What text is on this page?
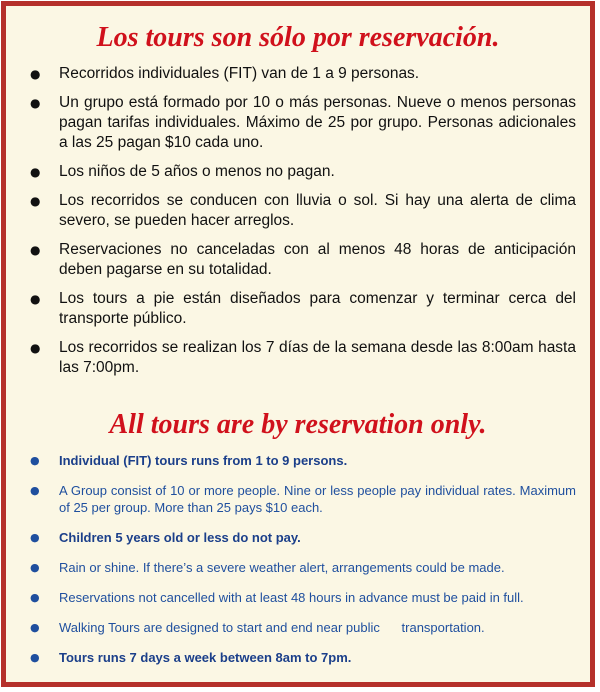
Los tours son sólo por reservación.
● Recorridos individuales (FIT) van de 1 a 9 personas.
● Un grupo está formado por 10 o más personas. Nueve o menos personas pagan tarifas individuales. Máximo de 25 por grupo. Personas adicionales a las 25 pagan $10 cada uno.
● Los niños de 5 años o menos no pagan.
● Los recorridos se conducen con lluvia o sol. Si hay una alerta de clima severo, se pueden hacer arreglos.
● Reservaciones no canceladas con al menos 48 horas de anticipación deben pagarse en su totalidad.
● Los tours a pie están diseñados para comenzar y terminar cerca del transporte público.
● Los recorridos se realizan los 7 días de la semana desde las 8:00am hasta las 7:00pm.
All tours are by reservation only.
● Individual (FIT) tours runs from 1 to 9 persons.
● A Group consist of 10 or more people. Nine or less people pay individual rates. Maximum of 25 per group. More than 25 pays $10 each.
● Children 5 years old or less do not pay.
● Rain or shine. If there’s a severe weather alert, arrangements could be made.
● Reservations not cancelled with at least 48 hours in advance must be paid in full.
● Walking Tours are designed to start and end near public      transportation.
● Tours runs 7 days a week between 8am to 7pm.
